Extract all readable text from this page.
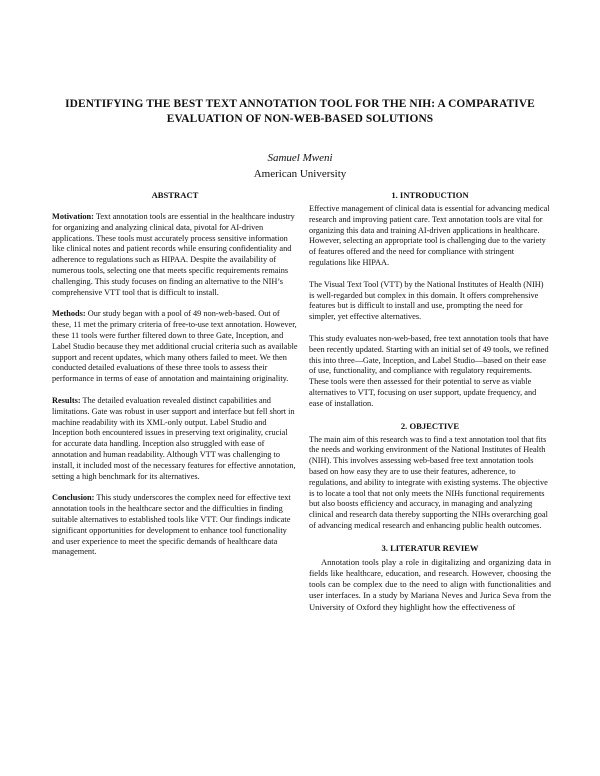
IDENTIFYING THE BEST TEXT ANNOTATION TOOL FOR THE NIH: A COMPARATIVE EVALUATION OF NON-WEB-BASED SOLUTIONS
Samuel Mweni
American University
ABSTRACT

Motivation: Text annotation tools are essential in the healthcare industry for organizing and analyzing clinical data, pivotal for AI-driven applications. These tools must accurately process sensitive information like clinical notes and patient records while ensuring confidentiality and adherence to regulations such as HIPAA. Despite the availability of numerous tools, selecting one that meets specific requirements remains challenging. This study focuses on finding an alternative to the NIH’s comprehensive VTT tool that is difficult to install.

Methods: Our study began with a pool of 49 non-web-based. Out of these, 11 met the primary criteria of free-to-use text annotation. However, these 11 tools were further filtered down to three Gate, Inception, and Label Studio because they met additional crucial criteria such as available support and recent updates, which many others failed to meet. We then conducted detailed evaluations of these three tools to assess their performance in terms of ease of annotation and maintaining originality.

Results: The detailed evaluation revealed distinct capabilities and limitations. Gate was robust in user support and interface but fell short in machine readability with its XML-only output. Label Studio and Inception both encountered issues in preserving text originality, crucial for accurate data handling. Inception also struggled with ease of annotation and human readability. Although VTT was challenging to install, it included most of the necessary features for effective annotation, setting a high benchmark for its alternatives.

Conclusion: This study underscores the complex need for effective text annotation tools in the healthcare sector and the difficulties in finding suitable alternatives to established tools like VTT. Our findings indicate significant opportunities for development to enhance tool functionality and user experience to meet the specific demands of healthcare data management.

1. INTRODUCTION

Effective management of clinical data is essential for advancing medical research and improving patient care. Text annotation tools are vital for organizing this data and training AI-driven applications in healthcare. However, selecting an appropriate tool is challenging due to the variety of features offered and the need for compliance with stringent regulations like HIPAA.

The Visual Text Tool (VTT) by the National Institutes of Health (NIH) is well-regarded but complex in this domain. It offers comprehensive features but is difficult to install and use, prompting the need for simpler, yet effective alternatives.

This study evaluates non-web-based, free text annotation tools that have been recently updated. Starting with an initial set of 49 tools, we refined this into three—Gate, Inception, and Label Studio—based on their ease of use, functionality, and compliance with regulatory requirements. These tools were then assessed for their potential to serve as viable alternatives to VTT, focusing on user support, update frequency, and ease of installation.

2. OBJECTIVE

The main aim of this research was to find a text annotation tool that fits the needs and working environment of the National Institutes of Health (NIH). This involves assessing web-based free text annotation tools based on how easy they are to use their features, adherence, to regulations, and ability to integrate with existing systems. The objective is to locate a tool that not only meets the NIHs functional requirements but also boosts efficiency and accuracy, in managing and analyzing clinical and research data thereby supporting the NIHs overarching goal of advancing medical research and enhancing public health outcomes.

3. LITERATUR REVIEW

Annotation tools play a role in digitalizing and organizing data in fields like healthcare, education, and research. However, choosing the tools can be complex due to the need to align with functionalities and user interfaces. In a study by Mariana Neves and Jurica Seva from the University of Oxford they highlight how the effectiveness of
